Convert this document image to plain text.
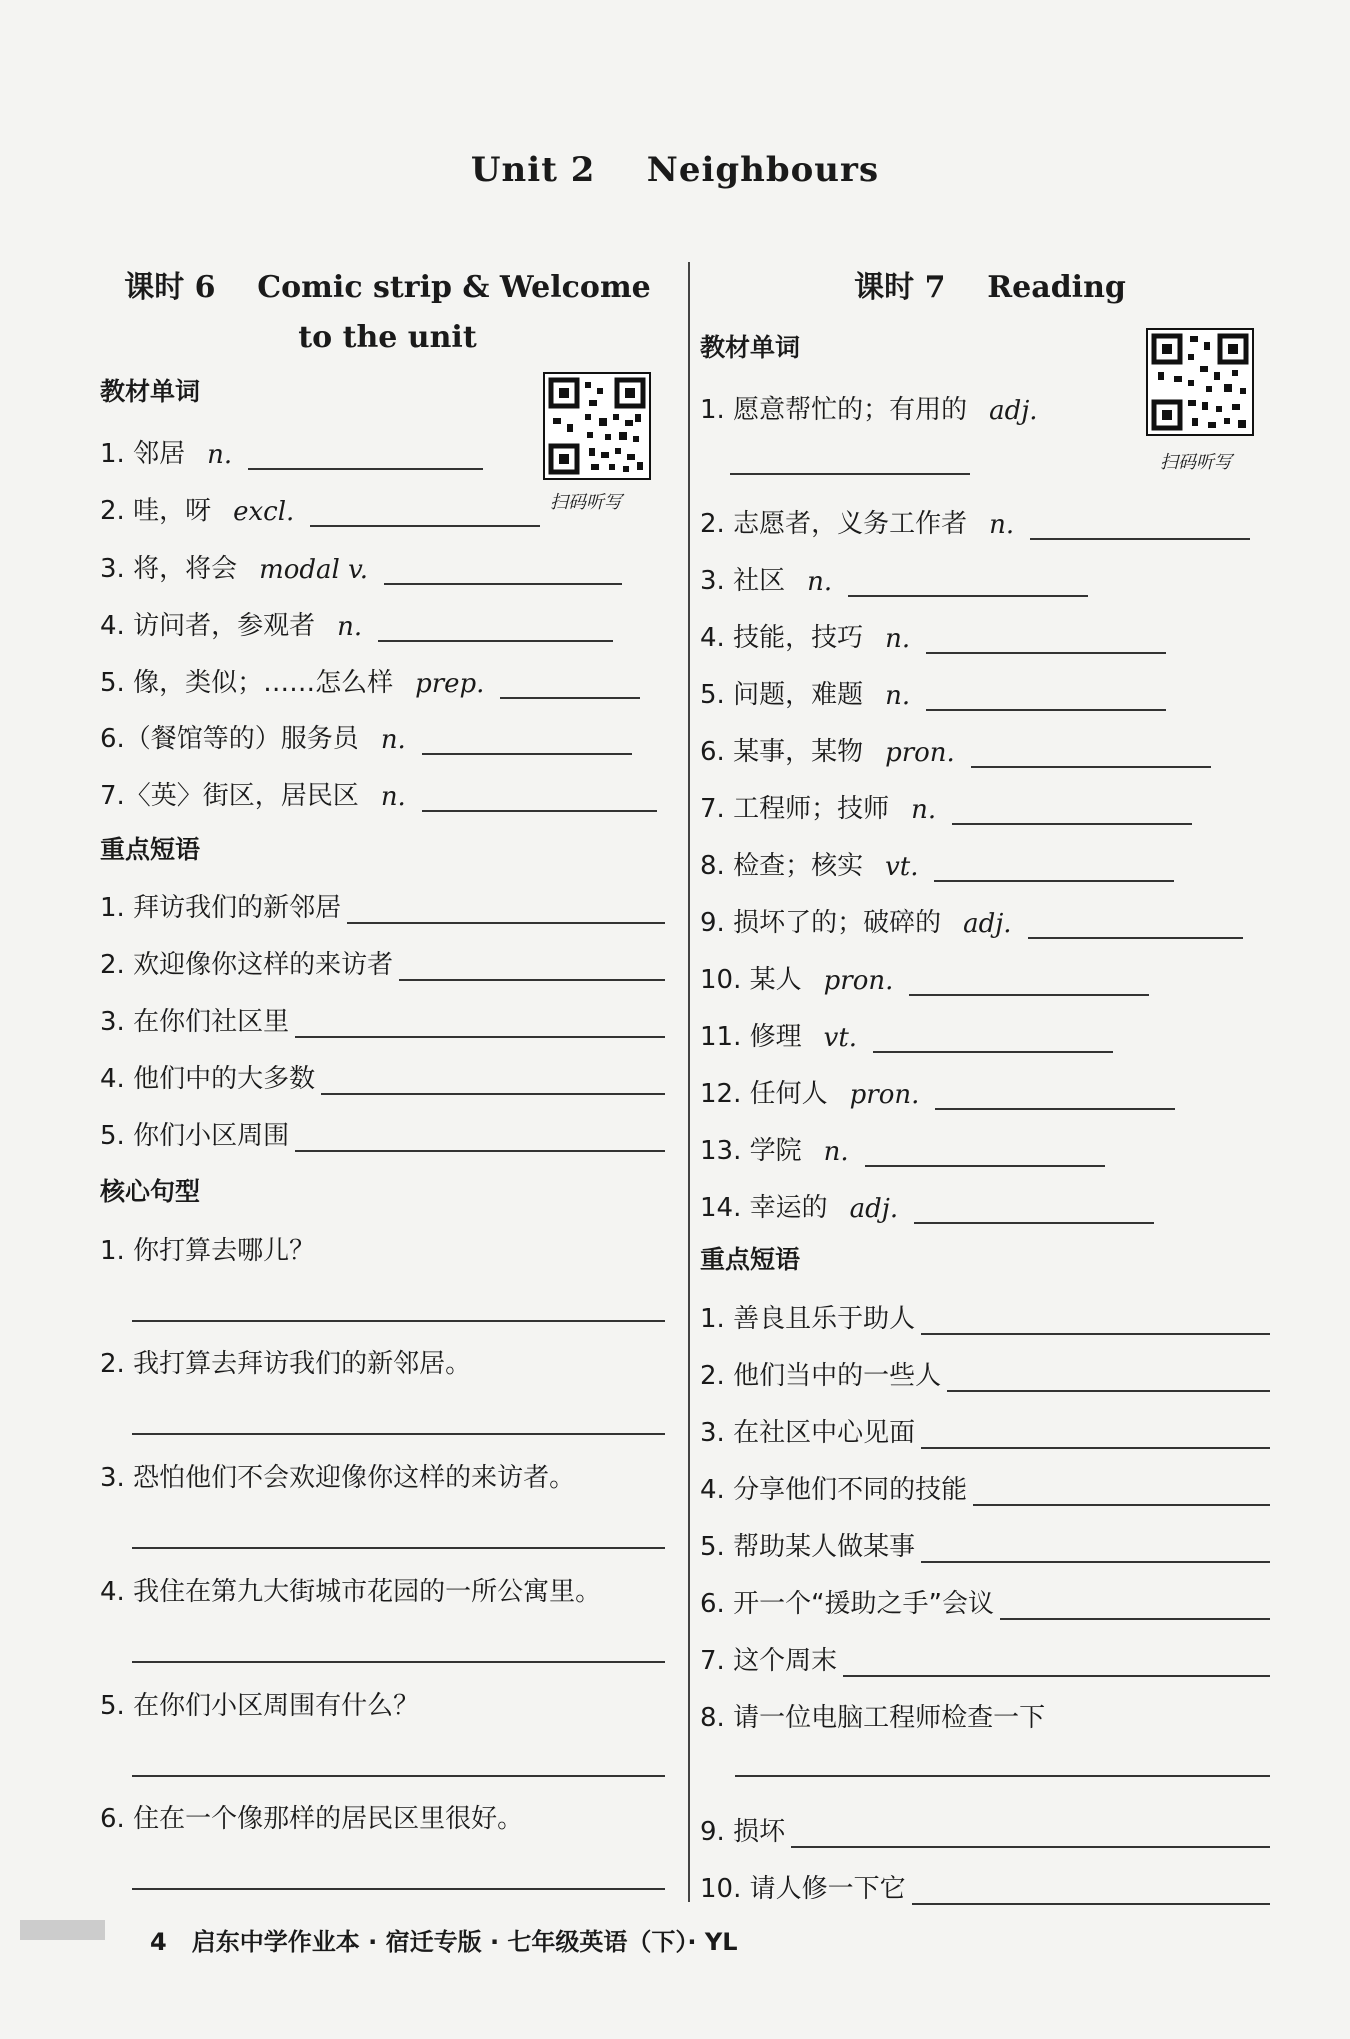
Unit 2    Neighbours
课时 6    Comic strip & Welcome
to the unit
教材单词
扫码听写
1. 邻居 n.
2. 哇，呀 excl.
3. 将，将会 modal v.
4. 访问者，参观者 n.
5. 像，类似；……怎么样 prep.
6.（餐馆等的）服务员 n.
7.〈英〉街区，居民区 n.
重点短语
1. 拜访我们的新邻居
2. 欢迎像你这样的来访者
3. 在你们社区里
4. 他们中的大多数
5. 你们小区周围
核心句型
1. 你打算去哪儿？
2. 我打算去拜访我们的新邻居。
3. 恐怕他们不会欢迎像你这样的来访者。
4. 我住在第九大街城市花园的一所公寓里。
5. 在你们小区周围有什么？
6. 住在一个像那样的居民区里很好。
课时 7    Reading
教材单词
扫码听写
1. 愿意帮忙的；有用的 adj.
2. 志愿者，义务工作者 n.
3. 社区 n.
4. 技能，技巧 n.
5. 问题，难题 n.
6. 某事，某物 pron.
7. 工程师；技师 n.
8. 检查；核实 vt.
9. 损坏了的；破碎的 adj.
10. 某人 pron.
11. 修理 vt.
12. 任何人 pron.
13. 学院 n.
14. 幸运的 adj.
重点短语
1. 善良且乐于助人
2. 他们当中的一些人
3. 在社区中心见面
4. 分享他们不同的技能
5. 帮助某人做某事
6. 开一个“援助之手”会议
7. 这个周末
8. 请一位电脑工程师检查一下
9. 损坏
10. 请人修一下它
4 启东中学作业本 · 宿迁专版 · 七年级英语（下）· YL
